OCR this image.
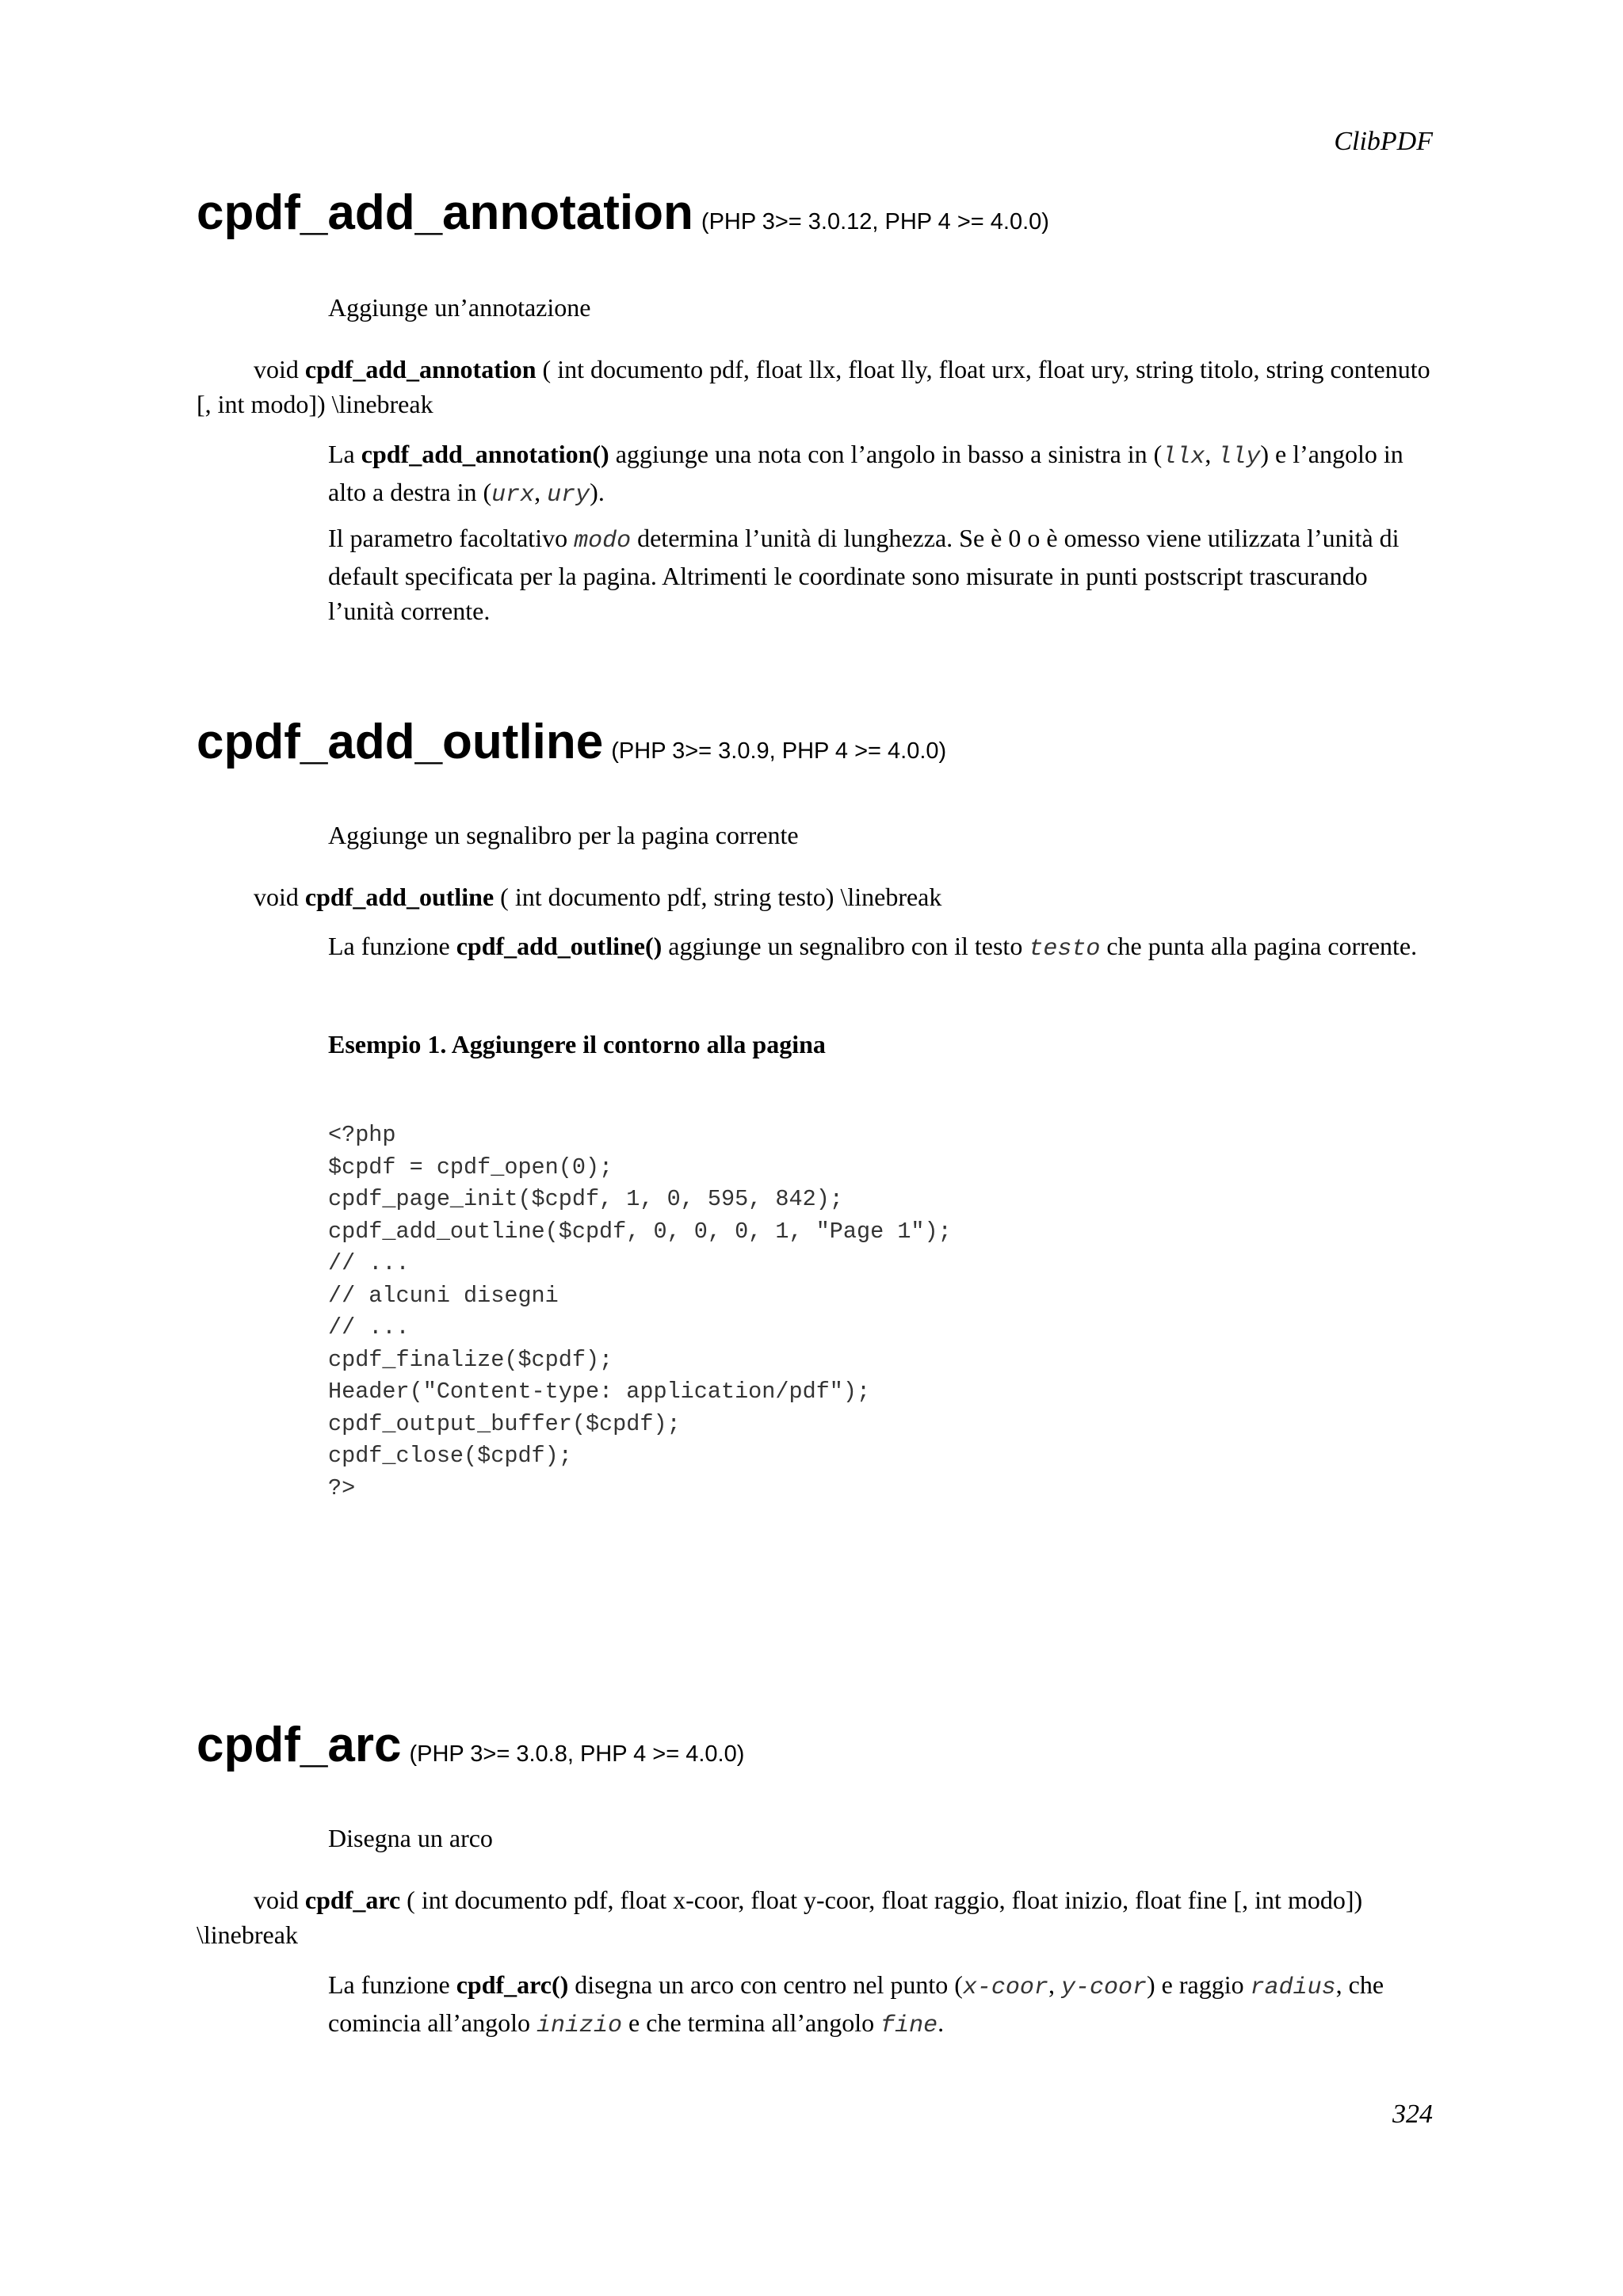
ClibPDF
cpdf_add_annotation (PHP 3>= 3.0.12, PHP 4 >= 4.0.0)
Aggiunge un’annotazione
void cpdf_add_annotation ( int documento pdf, float llx, float lly, float urx, float ury, string titolo, string contenuto [, int modo]) \linebreak
La cpdf_add_annotation() aggiunge una nota con l’angolo in basso a sinistra in (llx, lly) e l’angolo in alto a destra in (urx, ury).
Il parametro facoltativo modo determina l’unità di lunghezza. Se è 0 o è omesso viene utilizzata l’unità di default specificata per la pagina. Altrimenti le coordinate sono misurate in punti postscript trascurando l’unità corrente.
cpdf_add_outline (PHP 3>= 3.0.9, PHP 4 >= 4.0.0)
Aggiunge un segnalibro per la pagina corrente
void cpdf_add_outline ( int documento pdf, string testo) \linebreak
La funzione cpdf_add_outline() aggiunge un segnalibro con il testo testo che punta alla pagina corrente.
Esempio 1. Aggiungere il contorno alla pagina
<?php
$cpdf = cpdf_open(0);
cpdf_page_init($cpdf, 1, 0, 595, 842);
cpdf_add_outline($cpdf, 0, 0, 0, 1, "Page 1");
// ...
// alcuni disegni
// ...
cpdf_finalize($cpdf);
Header("Content-type: application/pdf");
cpdf_output_buffer($cpdf);
cpdf_close($cpdf);
?>
cpdf_arc (PHP 3>= 3.0.8, PHP 4 >= 4.0.0)
Disegna un arco
void cpdf_arc ( int documento pdf, float x-coor, float y-coor, float raggio, float inizio, float fine [, int modo]) \linebreak
La funzione cpdf_arc() disegna un arco con centro nel punto (x-coor, y-coor) e raggio radius, che comincia all’angolo inizio e che termina all’angolo fine.
324
